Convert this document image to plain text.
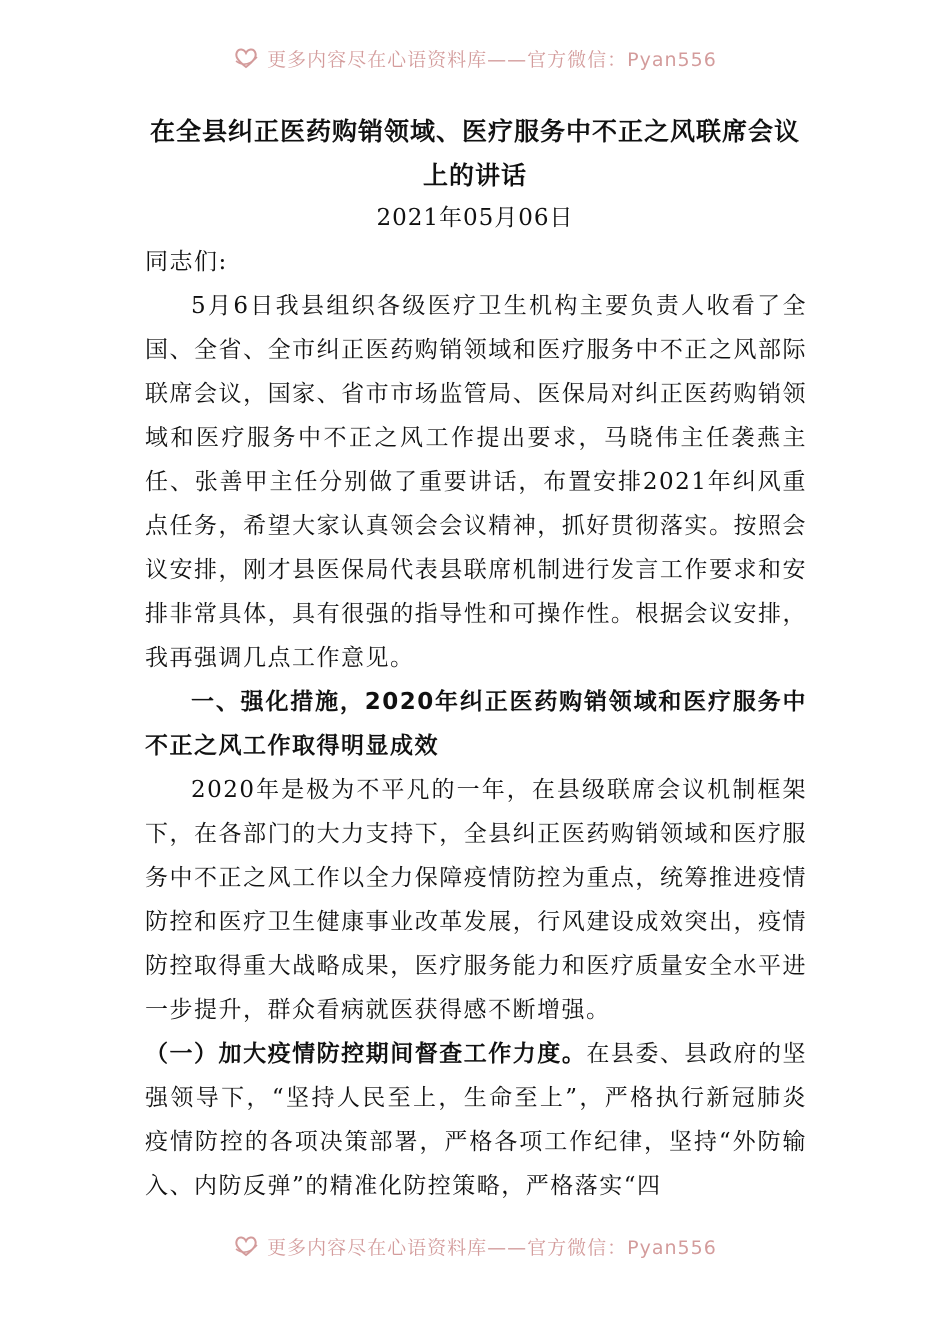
更多内容尽在心语资料库——官方微信：Pyan556
在全县纠正医药购销领域、医疗服务中不正之风联席会议
上的讲话
2021年05月06日

同志们:

5月6日我县组织各级医疗卫生机构主要负责人收看了全国、全省、全市纠正医药购销领域和医疗服务中不正之风部际联席会议，国家、省市市场监管局、医保局对纠正医药购销领域和医疗服务中不正之风工作提出要求，马晓伟主任袭燕主任、张善甲主任分别做了重要讲话，布置安排2021年纠风重点任务，希望大家认真领会会议精神，抓好贯彻落实。按照会议安排，刚才县医保局代表县联席机制进行发言工作要求和安排非常具体，具有很强的指导性和可操作性。根据会议安排，我再强调几点工作意见。

一、强化措施，2020年纠正医药购销领域和医疗服务中不正之风工作取得明显成效

2020年是极为不平凡的一年，在县级联席会议机制框架下，在各部门的大力支持下，全县纠正医药购销领域和医疗服务中不正之风工作以全力保障疫情防控为重点，统筹推进疫情防控和医疗卫生健康事业改革发展，行风建设成效突出，疫情防控取得重大战略成果，医疗服务能力和医疗质量安全水平进一步提升，群众看病就医获得感不断增强。

（一）加大疫情防控期间督查工作力度。在县委、县政府的坚强领导下，“坚持人民至上，生命至上”，严格执行新冠肺炎疫情防控的各项决策部署，严格各项工作纪律，坚持“外防输入、内防反弹”的精准化防控策略，严格落实“四

更多内容尽在心语资料库——官方微信：Pyan556
